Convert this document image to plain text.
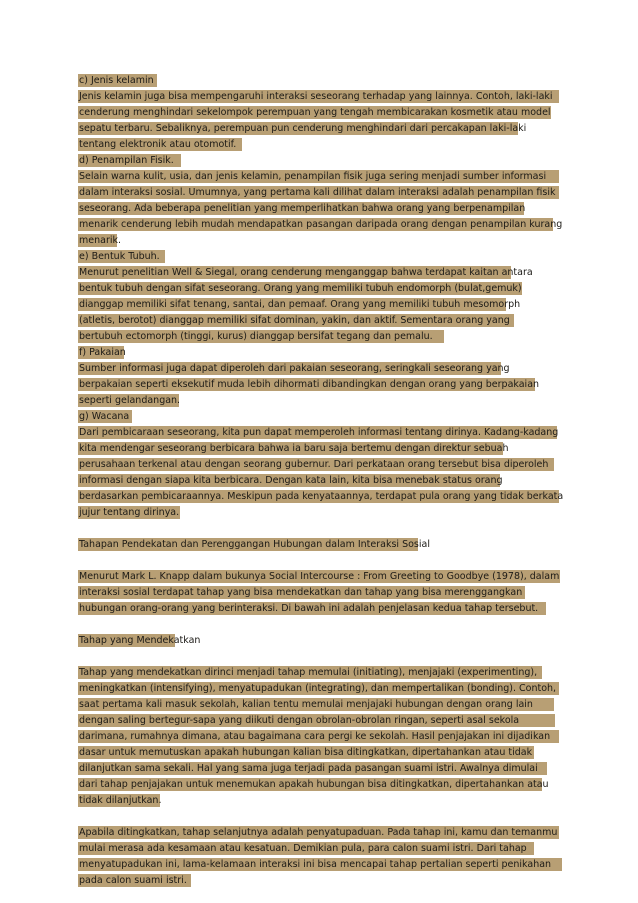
c) Jenis kelamin
Jenis kelamin juga bisa mempengaruhi interaksi seseorang terhadap yang lainnya. Contoh, laki-laki
cenderung menghindari sekelompok perempuan yang tengah membicarakan kosmetik atau model
sepatu terbaru. Sebaliknya, perempuan pun cenderung menghindari dari percakapan laki-laki
tentang elektronik atau otomotif.
d) Penampilan Fisik.
Selain warna kulit, usia, dan jenis kelamin, penampilan fisik juga sering menjadi sumber informasi
dalam interaksi sosial. Umumnya, yang pertama kali dilihat dalam interaksi adalah penampilan fisik
seseorang. Ada beberapa penelitian yang memperlihatkan bahwa orang yang berpenampilan
menarik cenderung lebih mudah mendapatkan pasangan daripada orang dengan penampilan kurang
menarik.
e) Bentuk Tubuh.
Menurut penelitian Well & Siegal, orang cenderung menganggap bahwa terdapat kaitan antara
bentuk tubuh dengan sifat seseorang. Orang yang memiliki tubuh endomorph (bulat,gemuk)
dianggap memiliki sifat tenang, santai, dan pemaaf. Orang yang memiliki tubuh mesomorph
(atletis, berotot) dianggap memiliki sifat dominan, yakin, dan aktif. Sementara orang yang
bertubuh ectomorph (tinggi, kurus) dianggap bersifat tegang dan pemalu.
f) Pakaian
Sumber informasi juga dapat diperoleh dari pakaian seseorang, seringkali seseorang yang
berpakaian seperti eksekutif muda lebih dihormati dibandingkan dengan orang yang berpakaian
seperti gelandangan.
g) Wacana
Dari pembicaraan seseorang, kita pun dapat memperoleh informasi tentang dirinya. Kadang-kadang
kita mendengar seseorang berbicara bahwa ia baru saja bertemu dengan direktur sebuah
perusahaan terkenal atau dengan seorang gubernur. Dari perkataan orang tersebut bisa diperoleh
informasi dengan siapa kita berbicara. Dengan kata lain, kita bisa menebak status orang
berdasarkan pembicaraannya. Meskipun pada kenyataannya, terdapat pula orang yang tidak berkata
jujur tentang dirinya.
Tahapan Pendekatan dan Perenggangan Hubungan dalam Interaksi Sosial
Menurut Mark L. Knapp dalam bukunya Social Intercourse : From Greeting to Goodbye (1978), dalam
interaksi sosial terdapat tahap yang bisa mendekatkan dan tahap yang bisa merenggangkan
hubungan orang-orang yang berinteraksi. Di bawah ini adalah penjelasan kedua tahap tersebut.
Tahap yang Mendekatkan
Tahap yang mendekatkan dirinci menjadi tahap memulai (initiating), menjajaki (experimenting),
meningkatkan (intensifying), menyatupadukan (integrating), dan mempertalikan (bonding). Contoh,
saat pertama kali masuk sekolah, kalian tentu memulai menjajaki hubungan dengan orang lain
dengan saling bertegur-sapa yang diikuti dengan obrolan-obrolan ringan, seperti asal sekola
darimana, rumahnya dimana, atau bagaimana cara pergi ke sekolah. Hasil penjajakan ini dijadikan
dasar untuk memutuskan apakah hubungan kalian bisa ditingkatkan, dipertahankan atau tidak
dilanjutkan sama sekali. Hal yang sama juga terjadi pada pasangan suami istri. Awalnya dimulai
dari tahap penjajakan untuk menemukan apakah hubungan bisa ditingkatkan, dipertahankan atau
tidak dilanjutkan.
Apabila ditingkatkan, tahap selanjutnya adalah penyatupaduan. Pada tahap ini, kamu dan temanmu
mulai merasa ada kesamaan atau kesatuan. Demikian pula, para calon suami istri. Dari tahap
menyatupadukan ini, lama-kelamaan interaksi ini bisa mencapai tahap pertalian seperti penikahan
pada calon suami istri.
